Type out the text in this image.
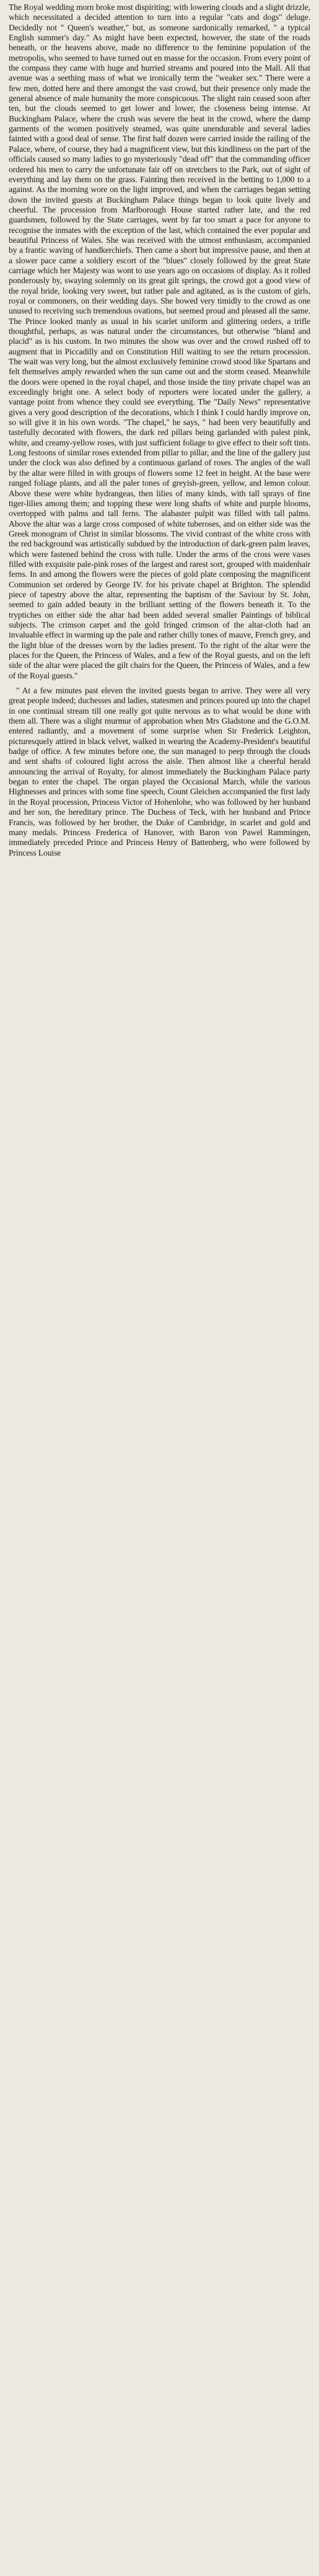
The Royal wedding morn broke most dispiriting; with lowering clouds and a slight drizzle, which necessitated a decided attention to turn into a regular "cats and dogs" deluge. Decidedly not " Queen's weather," but, as someone sardonically remarked, " a typical English summer's day." As might have been expected, however, the state of the roads beneath, or the heavens above, made no difference to the feminine population of the metropolis, who seemed to have turned out en masse for the occasion. From every point of the compass they came with huge and hurried streams and poured into the Mall. All that avenue was a seething mass of what we ironically term the "weaker sex." There were a few men, dotted here and there amongst the vast crowd, but their presence only made the general absence of male humanity the more conspicuous. The slight rain ceased soon after ten, but the clouds seemed to get lower and lower, the closeness being intense. At Buckingham Palace, where the crush was severe the heat in the crowd, where the damp garments of the women positively steamed, was quite unendurable and several ladies fainted with a good deal of sense. The first half dozen were carried inside the railing of the Palace, where, of course, they had a magnificent view, but this kindliness on the part of the officials caused so many ladies to go mysteriously "dead off" that the commanding officer ordered his men to carry the unfortunate fair off on stretchers to the Park, out of sight of everything and lay them on the grass. Fainting then received in the betting to 1,000 to a against. As the morning wore on the light improved, and when the carriages began setting down the invited guests at Buckingham Palace things began to look quite lively and cheerful. The procession from Marlborough House started rather late, and the red guardsmen, followed by the State carriages, went by far too smart a pace for anyone to recognise the inmates with the exception of the last, which contained the ever popular and beautiful Princess of Wales. She was received with the utmost enthusiasm, accompanied by a frantic waving of handkerchiefs. Then came a short but impressive pause, and then at a slower pace came a soldiery escort of the "blues" closely followed by the great State carriage which her Majesty was wont to use years ago on occasions of display. As it rolled ponderously by, swaying solemnly on its great gilt springs, the crowd got a good view of the royal bride, looking very sweet, but rather pale and agitated, as is the custom of girls, royal or commoners, on their wedding days. She bowed very timidly to the crowd as one unused to receiving such tremendous ovations, but seemed proud and pleased all the same. The Prince looked manly as usual in his scarlet uniform and glittering orders, a trifle thoughtful, perhaps, as was natural under the circumstances, but otherwise "bland and placid" as is his custom. In two minutes the show was over and the crowd rushed off to augment that in Piccadilly and on Constitution Hill waiting to see the return procession. The wait was very long, but the almost exclusively feminine crowd stood like Spartans and felt themselves amply rewarded when the sun came out and the storm ceased. Meanwhile the doors were opened in the royal chapel, and those inside the tiny private chapel was an exceedingly bright one. A select body of reporters were located under the gallery, a vantage point from whence they could see everything. The "Daily News" representative gives a very good description of the decorations, which I think I could hardly improve on, so will give it in his own words. "The chapel," he says, " had been very beautifully and tastefully decorated with flowers, the dark red pillars being garlanded with palest pink, white, and creamy-yellow roses, with just sufficient foliage to give effect to their soft tints. Long festoons of similar roses extended from pillar to pillar, and the line of the gallery just under the clock was also defined by a continuous garland of roses. The angles of the wall by the altar were filled in with groups of flowers some 12 feet in height. At the base were ranged foliage plants, and all the paler tones of greyish-green, yellow, and lemon colour. Above these were white hydrangeas, then lilies of many kinds, with tall sprays of fine tiger-lilies among them; and topping these were long shafts of white and purple blooms, overtopped with palms and tall ferns. The alabaster pulpit was filled with tall palms. Above the altar was a large cross composed of white tuberoses, and on either side was the Greek monogram of Christ in similar blossoms. The vivid contrast of the white cross with the red background was artistically subdued by the introduction of dark-green palm leaves, which were fastened behind the cross with tulle. Under the arms of the cross were vases filled with exquisite pale-pink roses of the largest and rarest sort, grouped with maidenhair ferns. In and among the flowers were the pieces of gold plate composing the magnificent Communion set ordered by George IV. for his private chapel at Brighton. The splendid piece of tapestry above the altar, representing the baptism of the Saviour by St. John, seemed to gain added beauty in the brilliant setting of the flowers beneath it. To the tryptiches on either side the altar had been added several smaller Paintings of biblical subjects. The crimson carpet and the gold fringed crimson of the altar-cloth had an invaluable effect in warming up the pale and rather chilly tones of mauve, French grey, and the light blue of the dresses worn by the ladies present. To the right of the altar were the places for the Queen, the Princess of Wales, and a few of the Royal guests, and on the left side of the altar were placed the gilt chairs for the Queen, the Princess of Wales, and a few of the Royal guests."

" At a few minutes past eleven the invited guests began to arrive. They were all very great people indeed; duchesses and ladies, statesmen and princes poured up into the chapel in one continual stream till one really got quite nervous as to what would be done with them all. There was a slight murmur of approbation when Mrs Gladstone and the G.O.M. entered radiantly, and a movement of some surprise when Sir Frederick Leighton, picturesquely attired in black velvet, walked in wearing the Academy-President's beautiful badge of office. A few minutes before one, the sun managed to peep through the clouds and sent shafts of coloured light across the aisle. Then almost like a cheerful herald announcing the arrival of Royalty, for almost immediately the Buckingham Palace party began to enter the chapel. The organ played the Occasional March, while the various Highnesses and princes with some fine speech, Count Gleichen accompanied the first lady in the Royal procession, Princess Victor of Hohenlohe, who was followed by her husband and her son, the hereditary prince. The Duchess of Teck, with her husband and Prince Francis, was followed by her brother, the Duke of Cambridge, in scarlet and gold and many medals. Princess Frederica of Hanover, with Baron von Pawel Rammingen, immediately preceded Prince and Princess Henry of Battenberg, who were followed by Princess Louise
